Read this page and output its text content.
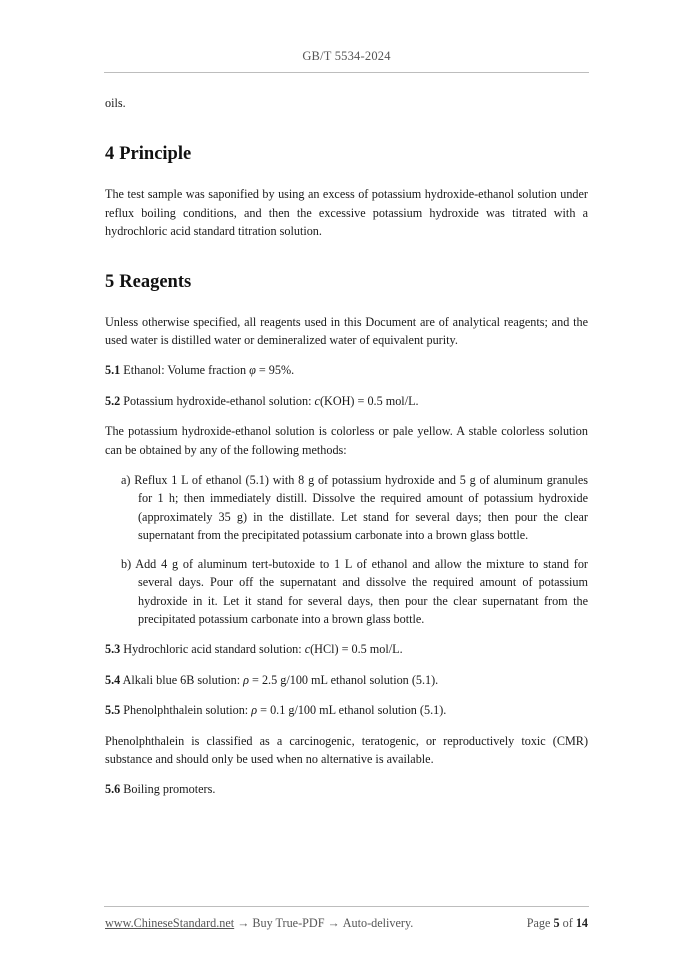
GB/T 5534-2024

oils.

4 Principle

The test sample was saponified by using an excess of potassium hydroxide-ethanol solution under reflux boiling conditions, and then the excessive potassium hydroxide was titrated with a hydrochloric acid standard titration solution.

5 Reagents

Unless otherwise specified, all reagents used in this Document are of analytical reagents; and the used water is distilled water or demineralized water of equivalent purity.

5.1 Ethanol: Volume fraction φ = 95%.

5.2 Potassium hydroxide-ethanol solution: c(KOH) = 0.5 mol/L.

The potassium hydroxide-ethanol solution is colorless or pale yellow. A stable colorless solution can be obtained by any of the following methods:

a) Reflux 1 L of ethanol (5.1) with 8 g of potassium hydroxide and 5 g of aluminum granules for 1 h; then immediately distill. Dissolve the required amount of potassium hydroxide (approximately 35 g) in the distillate. Let stand for several days; then pour the clear supernatant from the precipitated potassium carbonate into a brown glass bottle.

b) Add 4 g of aluminum tert-butoxide to 1 L of ethanol and allow the mixture to stand for several days. Pour off the supernatant and dissolve the required amount of potassium hydroxide in it. Let it stand for several days, then pour the clear supernatant from the precipitated potassium carbonate into a brown glass bottle.

5.3 Hydrochloric acid standard solution: c(HCl) = 0.5 mol/L.

5.4 Alkali blue 6B solution: ρ = 2.5 g/100 mL ethanol solution (5.1).

5.5 Phenolphthalein solution: ρ = 0.1 g/100 mL ethanol solution (5.1).

Phenolphthalein is classified as a carcinogenic, teratogenic, or reproductively toxic (CMR) substance and should only be used when no alternative is available.

5.6 Boiling promoters.

www.ChineseStandard.net → Buy True-PDF → Auto-delivery.	Page 5 of 14
